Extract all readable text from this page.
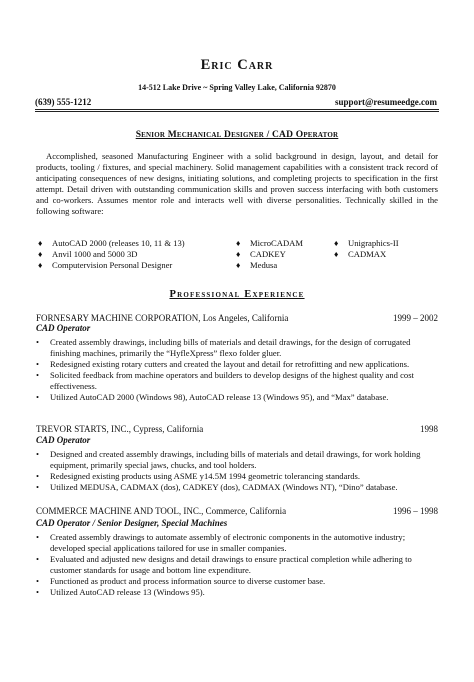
Eric Carr
14-512 Lake Drive ~ Spring Valley Lake, California 92870
(639) 555-1212	support@resumeedge.com
Senior Mechanical Designer / CAD Operator

Accomplished, seasoned Manufacturing Engineer with a solid background in design, layout, and detail for products, tooling / fixtures, and special machinery. Solid management capabilities with a consistent track record of anticipating consequences of new designs, initiating solutions, and completing projects to specification in the first attempt. Detail driven with outstanding communication skills and proven success interfacing with both customers and co-workers. Assumes mentor role and interacts well with diverse personalities. Technically skilled in the following software:

♦ AutoCAD 2000 (releases 10, 11 & 13)
♦ Anvil 1000 and 5000 3D
♦ Computervision Personal Designer
♦ MicroCADAM
♦ CADKEY
♦ Medusa
♦ Unigraphics-II
♦ CADMAX
Professional Experience
FORNESARY MACHINE CORPORATION, Los Angeles, California	1999 – 2002
CAD Operator
• Created assembly drawings, including bills of materials and detail drawings, for the design of corrugated finishing machines, primarily the “HyfleXpress” flexo folder gluer.
• Redesigned existing rotary cutters and created the layout and detail for retrofitting and new applications.
• Solicited feedback from machine operators and builders to develop designs of the highest quality and cost effectiveness.
• Utilized AutoCAD 2000 (Windows 98), AutoCAD release 13 (Windows 95), and “Max” database.
TREVOR STARTS, INC., Cypress, California	1998
CAD Operator
• Designed and created assembly drawings, including bills of materials and detail drawings, for work holding equipment, primarily special jaws, chucks, and tool holders.
• Redesigned existing products using ASME y14.5M 1994 geometric tolerancing standards.
• Utilized MEDUSA, CADMAX (dos), CADKEY (dos), CADMAX (Windows NT), “Dino” database.
COMMERCE MACHINE AND TOOL, INC., Commerce, California	1996 – 1998
CAD Operator / Senior Designer, Special Machines
• Created assembly drawings to automate assembly of electronic components in the automotive industry; developed special applications tailored for use in smaller companies.
• Evaluated and adjusted new designs and detail drawings to ensure practical completion while adhering to customer standards for usage and bottom line expenditure.
• Functioned as product and process information source to diverse customer base.
• Utilized AutoCAD release 13 (Windows 95).
